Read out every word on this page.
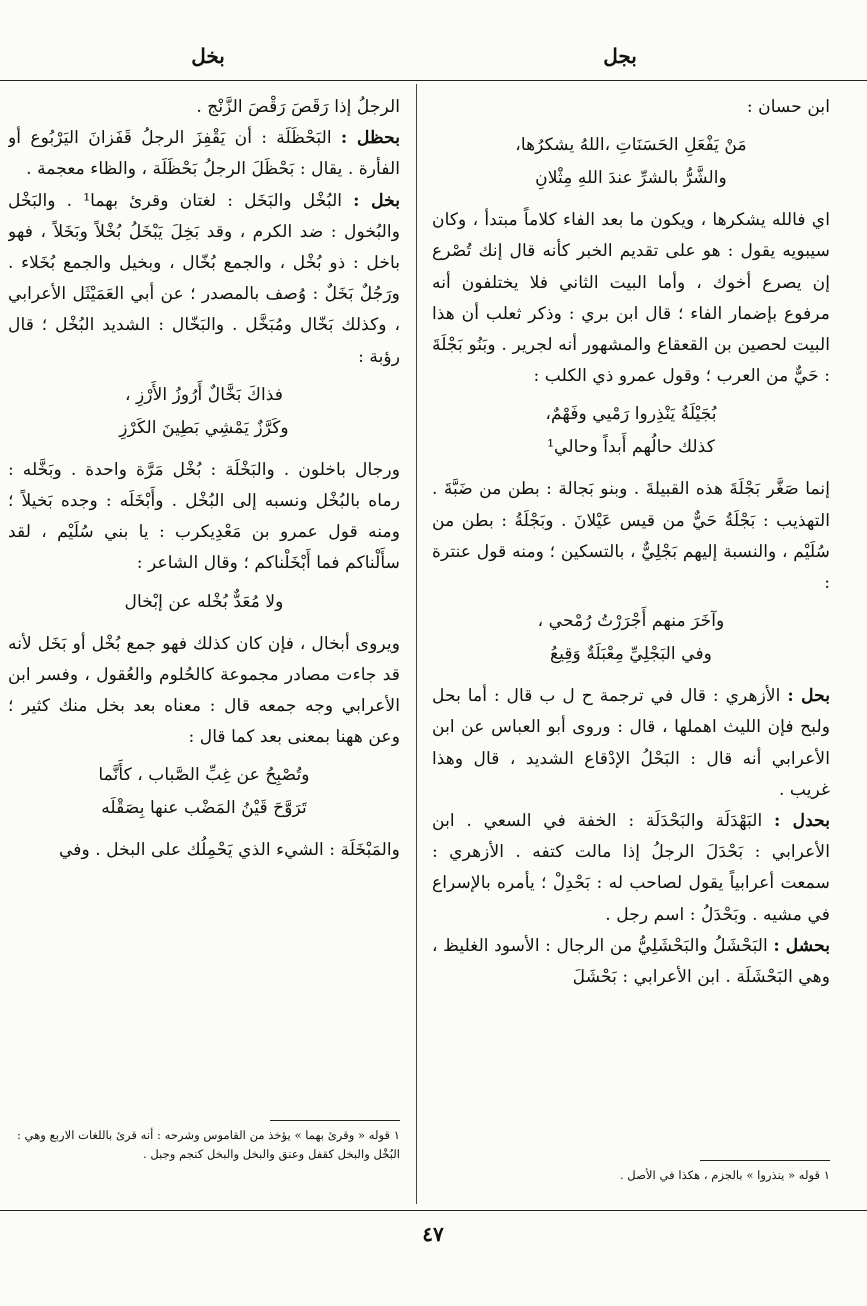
بجل
بخل

ابن حسان :

مَنْ يَفْعَلِ الحَسَنَاتِ ،اللهُ يشكرُها،
والشَّرُّ بالشرِّ عندَ اللهِ مِثْلانِ

اي فالله يشكرها ، ويكون ما بعد الفاء كلاماً مبتدأ ، وكان سيبويه يقول : هو على تقديم الخبر كأنه قال إنك تُصْرع إن يصرع أخوك ، وأما البيت الثاني فلا يختلفون أنه مرفوع بإضمار الفاء ؛ قال ابن بري : وذكر ثعلب أن هذا البيت لحصين بن القعقاع والمشهور أنه لجرير . وبَنُو بَجْلَةَ : حَيٌّ من العرب ؛ وقول عمرو ذي الكلب :

بُجَيْلَةُ يَنْذِروا رَمْيي وفَهْمٌ،
كذلك حالُهم أَبداً وحالي¹

إنما صَغَّر بَجْلَةَ هذه القبيلةَ . وبنو بَجالة : بطن من ضَبَّةَ . التهذيب : بَجْلَةُ حَيٌّ من قيس عَيْلانَ . وبَجْلَةُ : بطن من سُلَيْم ، والنسبة إليهم بَجْلِيٌّ ، بالتسكين ؛ ومنه قول عنترة :

وآخَرَ منهم أَجْرَرْتُ رُمْحي ،
وفي البَجْلِيِّ مِعْبَلَةٌ وَقِيعُ

بحل : الأزهري : قال في ترجمة ح ل ب قال : أما بحل ولبح فإن الليث اهملها ، قال : وروى أبو العباس عن ابن الأعرابي أنه قال : البَحْلُ الإدْقاع الشديد ، قال وهذا غريب .

بحدل : البَهْدَلَة والبَحْدَلَة : الخفة في السعي . ابن الأعرابي : بَحْدَلَ الرجلُ إذا مالت كتفه . الأزهري : سمعت أعرابياً يقول لصاحب له : بَحْدِلْ ؛ يأمره بالإسراع في مشيه . وبَحْدَلُ : اسم رجل .

بحشل : البَحْشَلُ والبَحْشَلِيُّ من الرجال : الأسود الغليظ ، وهي البَحْشَلَة . ابن الأعرابي : بَحْشَلَ

١ قوله « ينذروا » بالجزم ، هكذا في الأصل .

الرجلُ إذا رَقَصَ رَقْصَ الزَّنْج .

بحظل : البَحْظَلَة : أن يَقْفِزَ الرجلُ قَفَزانَ اليَرْبُوع أو الفأرة . يقال : بَحْظَلَ الرجلُ بَحْظَلَة ، والظاء معجمة .

بخل : البُخْل والبَخَل : لغتان وقرئ بهما¹ . والبَخْل والبُخول : ضد الكرم ، وقد بَخِلَ يَبْخَلُ بُخْلاً وبَخَلاً ، فهو باخل : ذو بُخْل ، والجمع بُخّال ، وبخيل والجمع بُخَلاء . ورَجُلٌ بَخَلٌ : وُصف بالمصدر ؛ عن أبي العَمَيْثَل الأعرابي ، وكذلك بَخّال ومُبَخَّل . والبَخّال : الشديد البُخْل ؛ قال رؤبة :

فذاكَ بَخَّالٌ أَرُوزُ الأَرْزِ ،
وكَرَّزٌ يَمْشِي بَطِينَ الكَرْزِ

ورجال باخلون . والبَخْلَة : بُخْل مَرَّة واحدة . وبَخَّله : رماه بالبُخْل ونسبه إلى البُخْل . وأَبْخَلَه : وجده بَخيلاً ؛ ومنه قول عمرو بن مَعْدِيكرب : يا بني سُلَيْم ، لقد سأَلْناكم فما أَبْخَلْناكم ؛ وقال الشاعر :

ولا مُعَدٌّ بُخْله عن إبْخال

ويروى أبخال ، فإن كان كذلك فهو جمع بُخْل أو بَخَل لأنه قد جاءت مصادر مجموعة كالحُلوم والعُقول ، وفسر ابن الأعرابي وجه جمعه قال : معناه بعد بخل منك كثير ؛ وعن ههنا بمعنى بعد كما قال :

وتُصْبِحُ عن غِبِّ الصَّباب ، كأَنَّما
تَرَوَّحَ قَيْنُ المَضْب عنها بِصَقْلَه

والمَبْخَلَة : الشيء الذي يَحْمِلُك على البخل . وفي

١ قوله « وقرئ بهما » يؤخذ من القاموس وشرحه : أنه قرئ باللغات الاربع وهي : البُخْل والبخل كقفل وعنق والبخل والبخل كنجم وجبل .
٤٧
